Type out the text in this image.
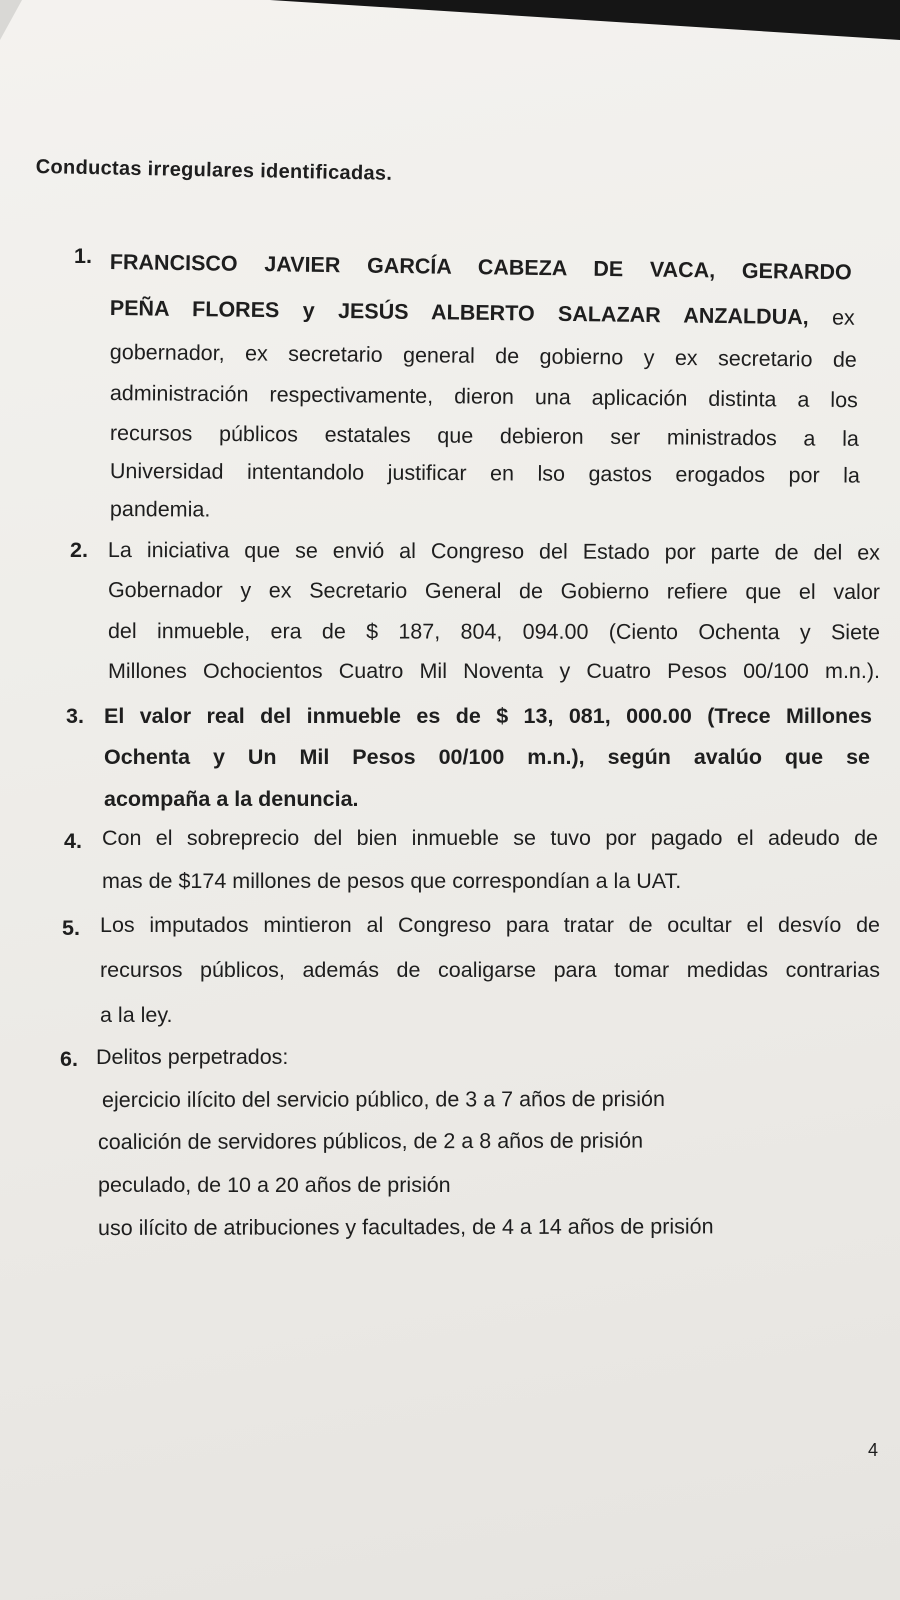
Conductas irregulares identificadas.
1. FRANCISCO JAVIER GARCÍA CABEZA DE VACA, GERARDO
PEÑA FLORES y JESÚS ALBERTO SALAZAR ANZALDUA, ex
gobernador, ex secretario general de gobierno y ex secretario de
administración respectivamente, dieron una aplicación distinta a los
recursos públicos estatales que debieron ser ministrados a la
Universidad intentandolo justificar en lso gastos erogados por la
pandemia.
2. La iniciativa que se envió al Congreso del Estado por parte de del ex
Gobernador y ex Secretario General de Gobierno refiere que el valor
del inmueble, era de $ 187, 804, 094.00 (Ciento Ochenta y Siete
Millones Ochocientos Cuatro Mil Noventa y Cuatro Pesos 00/100 m.n.).
3. El valor real del inmueble es de $ 13, 081, 000.00 (Trece Millones
Ochenta y Un Mil Pesos 00/100 m.n.), según avalúo que se
acompaña a la denuncia.
4. Con el sobreprecio del bien inmueble se tuvo por pagado el adeudo de
mas de $174 millones de pesos que correspondían a la UAT.
5. Los imputados mintieron al Congreso para tratar de ocultar el desvío de
recursos públicos, además de coaligarse para tomar medidas contrarias
a la ley.
6. Delitos perpetrados:
ejercicio ilícito del servicio público, de 3 a 7 años de prisión
coalición de servidores públicos, de 2 a 8 años de prisión
peculado, de 10 a 20 años de prisión
uso ilícito de atribuciones y facultades, de 4 a 14 años de prisión
4
